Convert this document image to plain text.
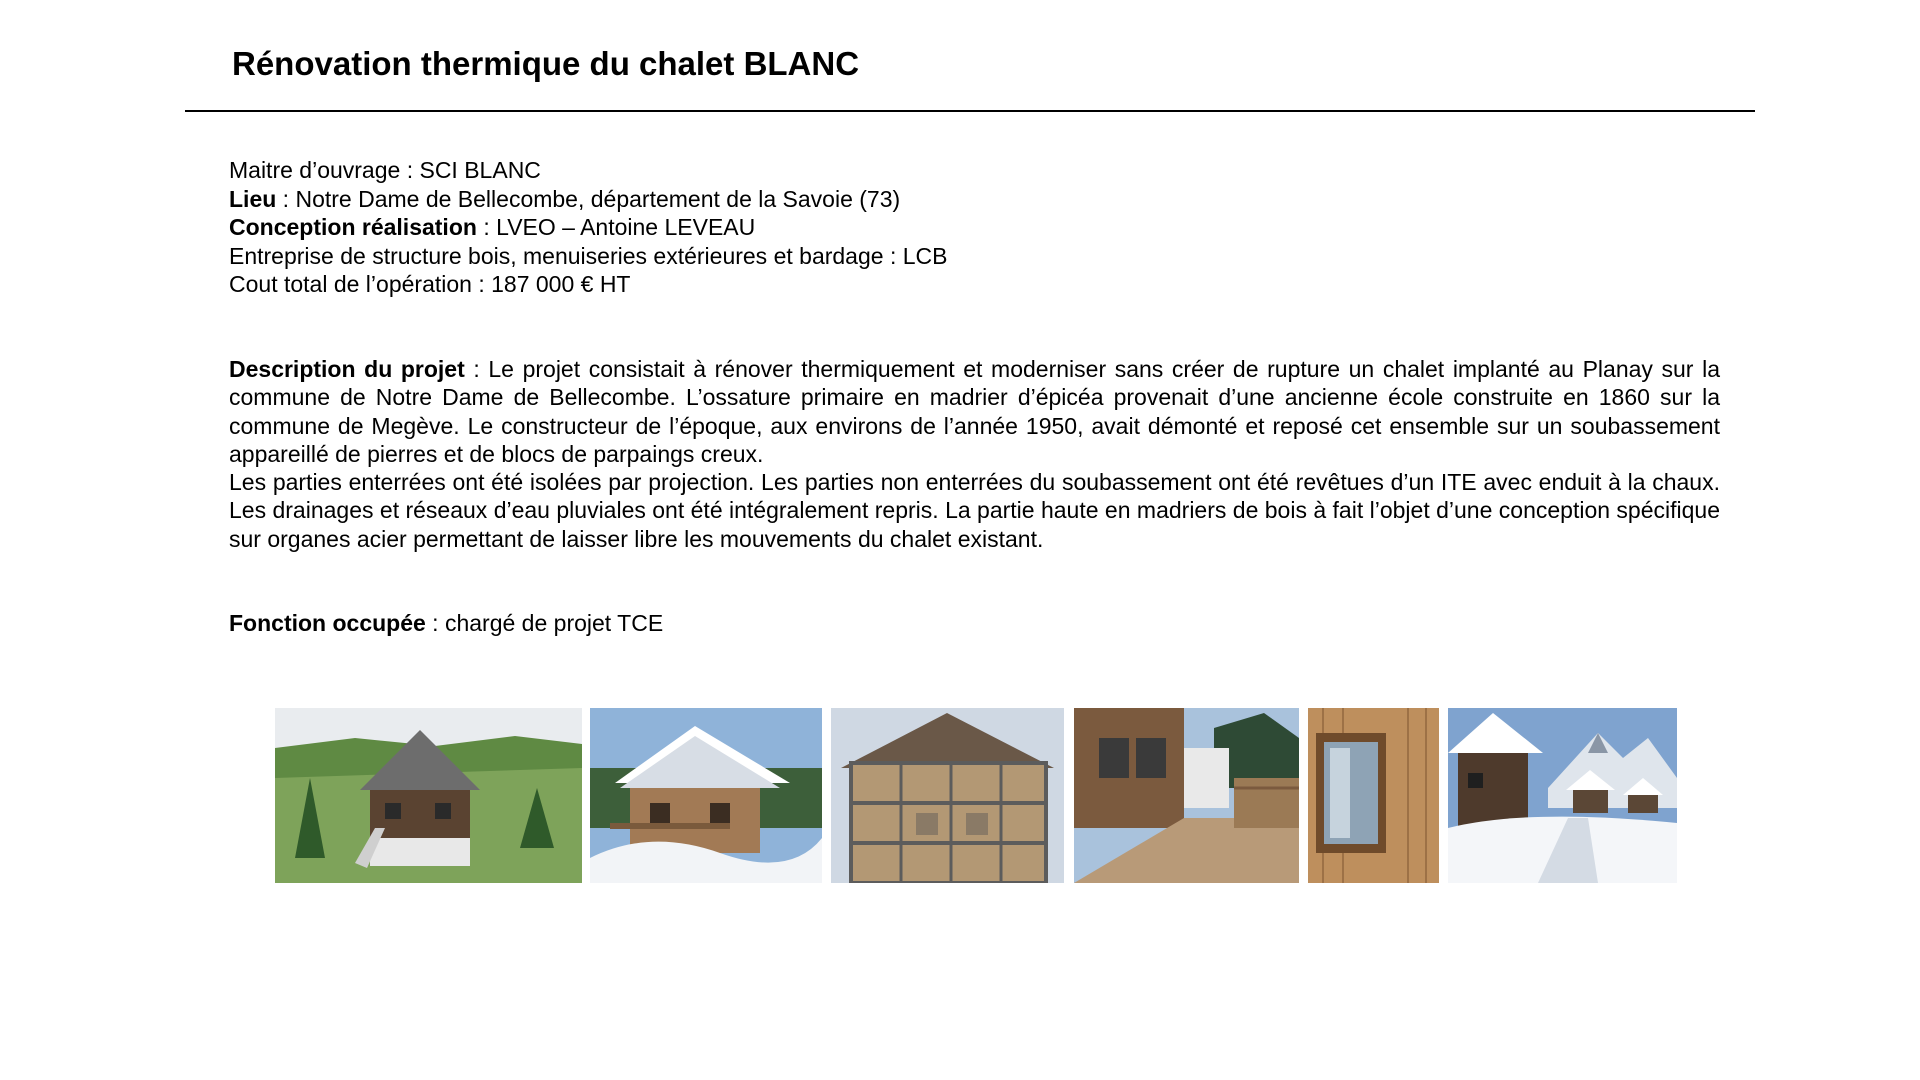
Rénovation thermique du chalet BLANC
Maitre d’ouvrage : SCI BLANC
Lieu : Notre Dame de Bellecombe, département de la Savoie (73)
Conception réalisation : LVEO – Antoine LEVEAU
Entreprise de structure bois, menuiseries extérieures et bardage : LCB
Cout total de l’opération : 187 000 € HT

Description du projet : Le projet consistait à rénover thermiquement et moderniser sans créer de rupture un chalet implanté au Planay sur la commune de Notre Dame de Bellecombe. L’ossature primaire en madrier d’épicéa provenait d’une ancienne école construite en 1860 sur la commune de Megève. Le constructeur de l’époque, aux environs de l’année 1950, avait démonté et reposé cet ensemble sur un soubassement appareillé de pierres et de blocs de parpaings creux.

Les parties enterrées ont été isolées par projection. Les parties non enterrées du soubassement ont été revêtues d’un ITE avec enduit à la chaux. Les drainages et réseaux d’eau pluviales ont été intégralement repris. La partie haute en madriers de bois à fait l’objet d’une conception spécifique sur organes acier permettant de laisser libre les mouvements du chalet existant.

Fonction occupée : chargé de projet TCE
